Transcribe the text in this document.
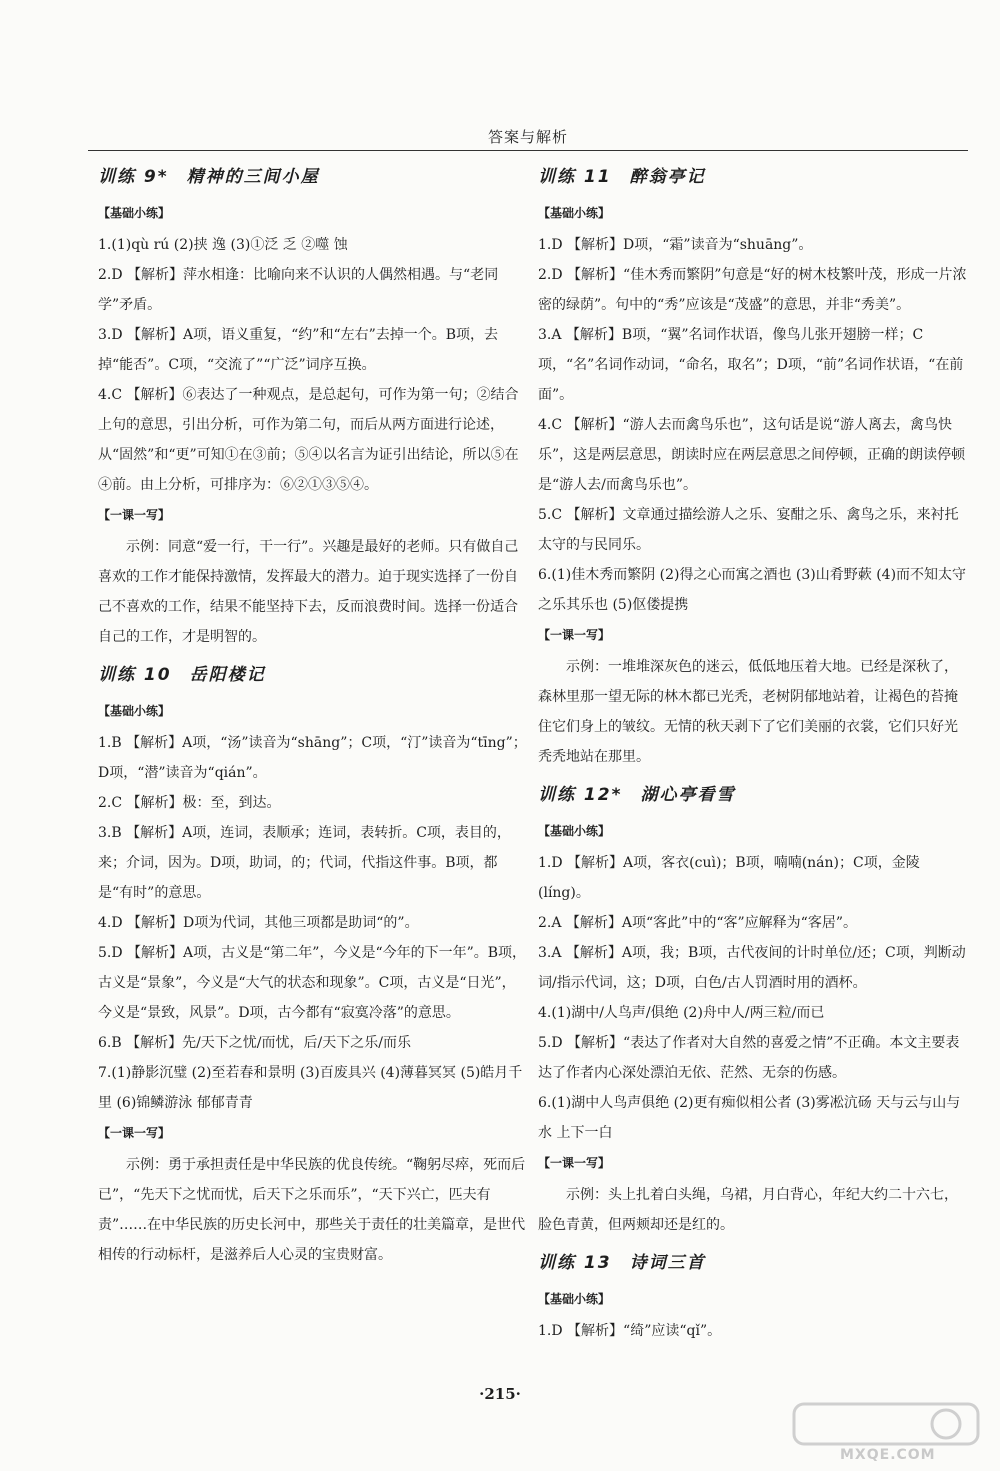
答案与解析
训练 9* 精神的三间小屋
【基础小练】

1.(1)qù rú (2)挟 逸 (3)①泛 乏 ②噬 蚀

2.D 【解析】萍水相逢：比喻向来不认识的人偶然相遇。与“老同学”矛盾。

3.D 【解析】A项，语义重复，“约”和“左右”去掉一个。B项，去掉“能否”。C项，“交流了”“广泛”词序互换。

4.C 【解析】⑥表达了一种观点，是总起句，可作为第一句；②结合上句的意思，引出分析，可作为第二句，而后从两方面进行论述，从“固然”和“更”可知①在③前；⑤④以名言为证引出结论，所以⑤在④前。由上分析，可排序为：⑥②①③⑤④。

【一课一写】

示例：同意“爱一行，干一行”。兴趣是最好的老师。只有做自己喜欢的工作才能保持激情，发挥最大的潜力。迫于现实选择了一份自己不喜欢的工作，结果不能坚持下去，反而浪费时间。选择一份适合自己的工作，才是明智的。

训练 10 岳阳楼记
【基础小练】

1.B 【解析】A项，“汤”读音为“shāng”；C项，“汀”读音为“tīng”；D项，“潜”读音为“qián”。

2.C 【解析】极：至，到达。

3.B 【解析】A项，连词，表顺承；连词，表转折。C项，表目的，来；介词，因为。D项，助词，的；代词，代指这件事。B项，都是“有时”的意思。

4.D 【解析】D项为代词，其他三项都是助词“的”。

5.D 【解析】A项，古义是“第二年”，今义是“今年的下一年”。B项，古义是“景象”，今义是“大气的状态和现象”。C项，古义是“日光”，今义是“景致，风景”。D项，古今都有“寂寞冷落”的意思。

6.B 【解析】先/天下之忧/而忧，后/天下之乐/而乐

7.(1)静影沉璧 (2)至若春和景明 (3)百废具兴 (4)薄暮冥冥 (5)皓月千里 (6)锦鳞游泳 郁郁青青

【一课一写】

示例：勇于承担责任是中华民族的优良传统。“鞠躬尽瘁，死而后已”，“先天下之忧而忧，后天下之乐而乐”，“天下兴亡，匹夫有责”……在中华民族的历史长河中，那些关于责任的壮美篇章，是世代相传的行动标杆，是滋养后人心灵的宝贵财富。

训练 11 醉翁亭记
【基础小练】

1.D 【解析】D项，“霜”读音为“shuāng”。

2.D 【解析】“佳木秀而繁阴”句意是“好的树木枝繁叶茂，形成一片浓密的绿荫”。句中的“秀”应该是“茂盛”的意思，并非“秀美”。

3.A 【解析】B项，“翼”名词作状语，像鸟儿张开翅膀一样；C项，“名”名词作动词，“命名，取名”；D项，“前”名词作状语，“在前面”。

4.C 【解析】“游人去而禽鸟乐也”，这句话是说“游人离去，禽鸟快乐”，这是两层意思，朗读时应在两层意思之间停顿，正确的朗读停顿是“游人去/而禽鸟乐也”。

5.C 【解析】文章通过描绘游人之乐、宴酣之乐、禽鸟之乐，来衬托太守的与民同乐。

6.(1)佳木秀而繁阴 (2)得之心而寓之酒也 (3)山肴野蔌 (4)而不知太守之乐其乐也 (5)伛偻提携

【一课一写】

示例：一堆堆深灰色的迷云，低低地压着大地。已经是深秋了，森林里那一望无际的林木都已光秃，老树阴郁地站着，让褐色的苔掩住它们身上的皱纹。无情的秋天剥下了它们美丽的衣裳，它们只好光秃秃地站在那里。

训练 12* 湖心亭看雪
【基础小练】

1.D 【解析】A项，客衣(cuì)；B项，喃喃(nán)；C项，金陵(líng)。

2.A 【解析】A项“客此”中的“客”应解释为“客居”。

3.A 【解析】A项，我；B项，古代夜间的计时单位/还；C项，判断动词/指示代词，这；D项，白色/古人罚酒时用的酒杯。

4.(1)湖中/人鸟声/俱绝 (2)舟中人/两三粒/而已

5.D 【解析】“表达了作者对大自然的喜爱之情”不正确。本文主要表达了作者内心深处漂泊无依、茫然、无奈的伤感。

6.(1)湖中人鸟声俱绝 (2)更有痴似相公者 (3)雾凇沆砀 天与云与山与水 上下一白

【一课一写】

示例：头上扎着白头绳，乌裙，月白背心，年纪大约二十六七，脸色青黄，但两颊却还是红的。

训练 13 诗词三首
【基础小练】

1.D 【解析】“绮”应读“qǐ”。

·215·
MXQE.COM
